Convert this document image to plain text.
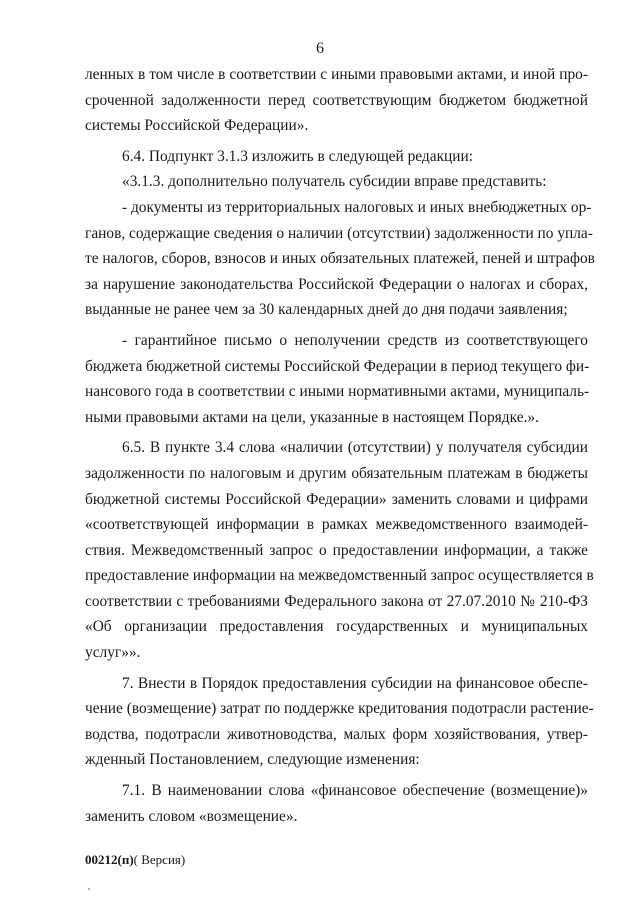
6
ленных в том числе в соответствии с иными правовыми актами, и иной про-
сроченной задолженности перед соответствующим бюджетом бюджетной
системы Российской Федерации».
6.4. Подпункт 3.1.3 изложить в следующей редакции:
«3.1.3. дополнительно получатель субсидии вправе представить:
- документы из территориальных налоговых и иных внебюджетных ор-
ганов, содержащие сведения о наличии (отсутствии) задолженности по упла-
те налогов, сборов, взносов и иных обязательных платежей, пеней и штрафов
за нарушение законодательства Российской Федерации о налогах и сборах,
выданные не ранее чем за 30 календарных дней до дня подачи заявления;
- гарантийное письмо о неполучении средств из соответствующего
бюджета бюджетной системы Российской Федерации в период текущего фи-
нансового года в соответствии с иными нормативными актами, муниципаль-
ными правовыми актами на цели, указанные в настоящем Порядке.».
6.5. В пункте 3.4 слова «наличии (отсутствии) у получателя субсидии
задолженности по налоговым и другим обязательным платежам в бюджеты
бюджетной системы Российской Федерации» заменить словами и цифрами
«соответствующей информации в рамках межведомственного взаимодей-
ствия. Межведомственный запрос о предоставлении информации, а также
предоставление информации на межведомственный запрос осуществляется в
соответствии с требованиями Федерального закона от 27.07.2010 № 210-ФЗ
«Об организации предоставления государственных и муниципальных
услуг»».
7. Внести в Порядок предоставления субсидии на финансовое обеспе-
чение (возмещение) затрат по поддержке кредитования подотрасли растение-
водства, подотрасли животноводства, малых форм хозяйствования, утвер-
жденный Постановлением, следующие изменения:
7.1. В наименовании слова «финансовое обеспечение (возмещение)»
заменить словом «возмещение».
00212(п)( Версия)
